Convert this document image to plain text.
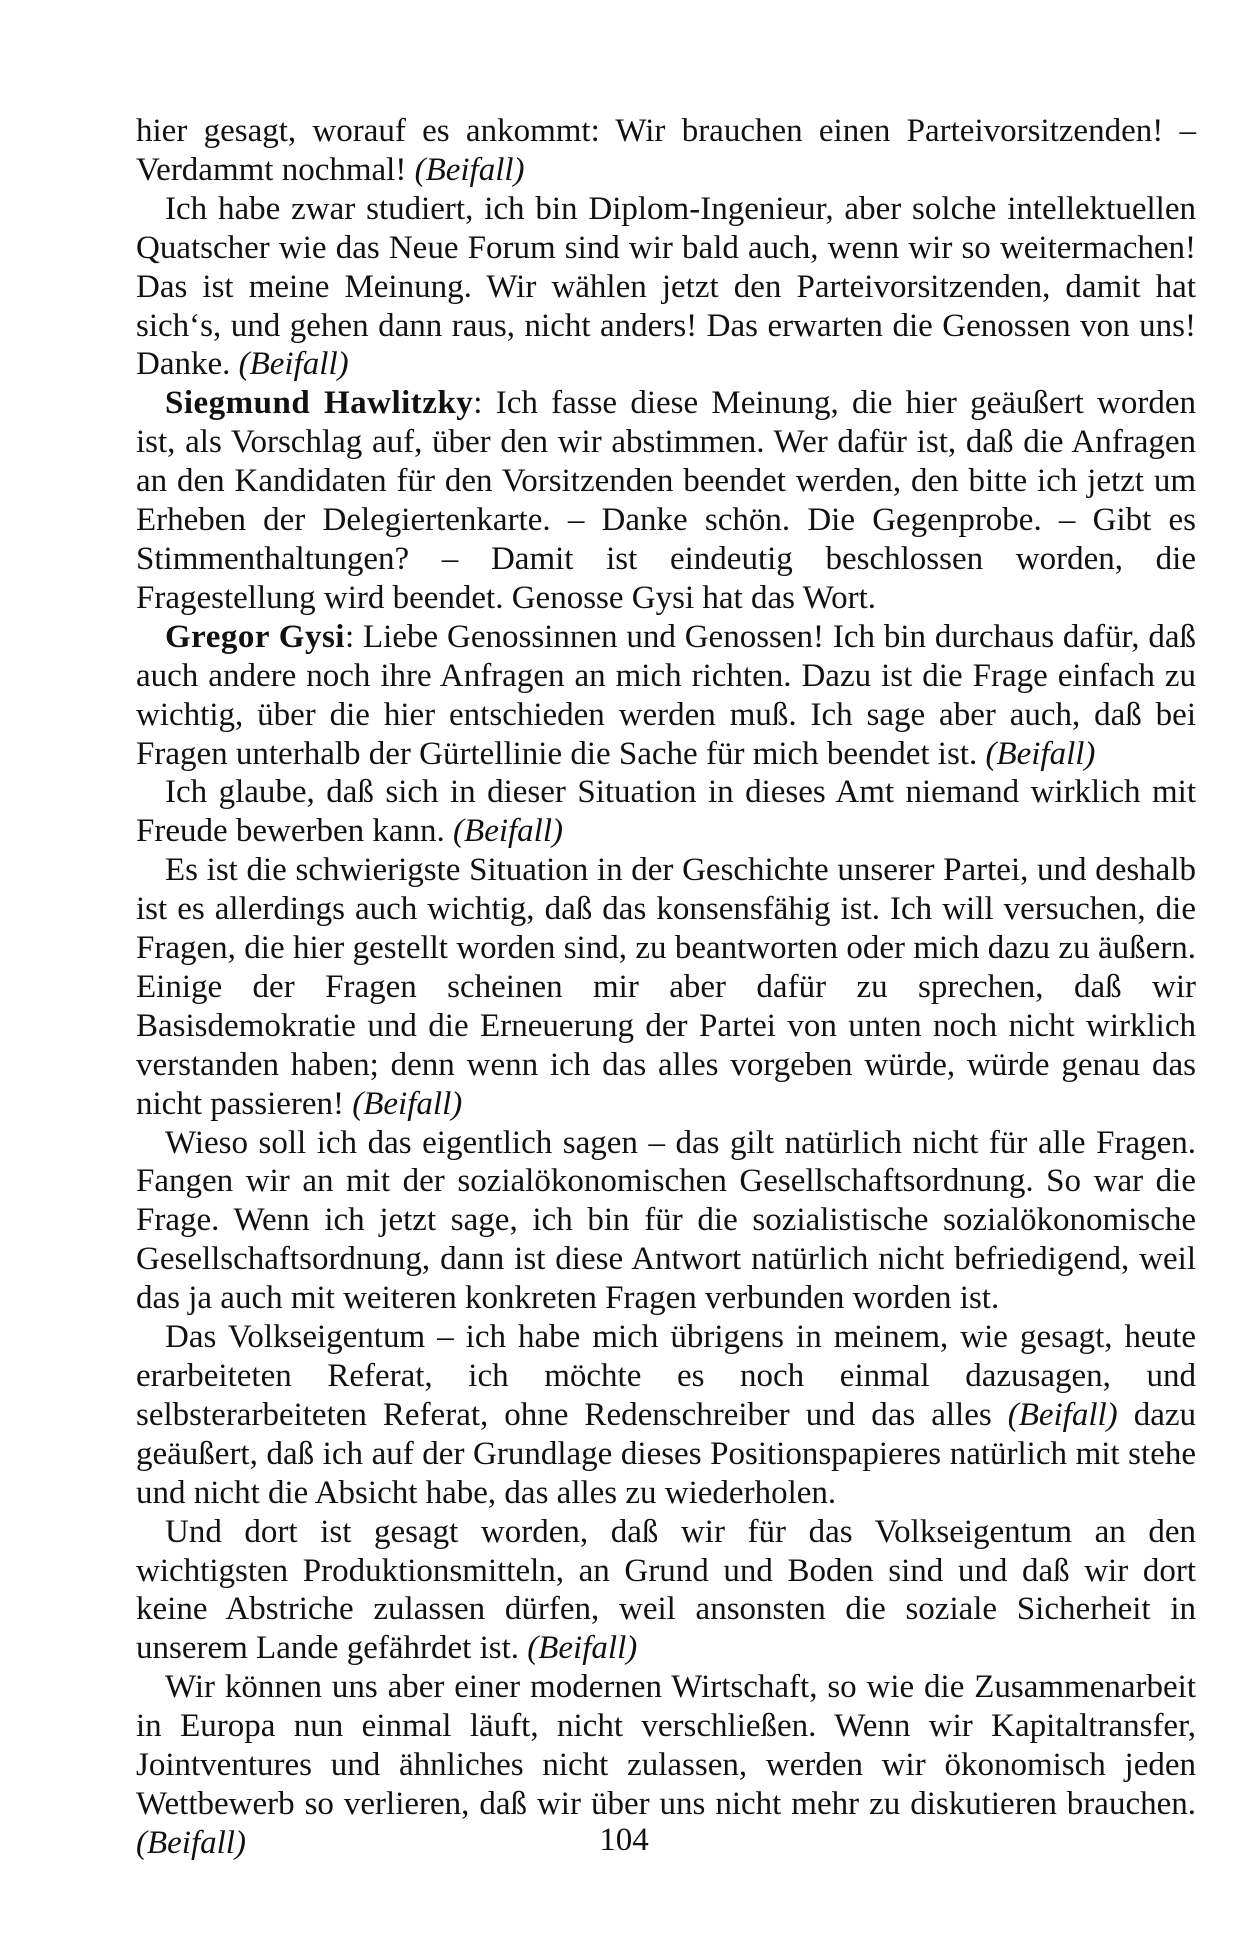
hier gesagt, worauf es ankommt: Wir brauchen einen Parteivorsitzenden! – Verdammt nochmal! (Beifall)

Ich habe zwar studiert, ich bin Diplom-Ingenieur, aber solche intellektuellen Quatscher wie das Neue Forum sind wir bald auch, wenn wir so weitermachen! Das ist meine Meinung. Wir wählen jetzt den Parteivorsitzenden, damit hat sich‘s, und gehen dann raus, nicht anders! Das erwarten die Genossen von uns! Danke. (Beifall)

Siegmund Hawlitzky: Ich fasse diese Meinung, die hier geäußert worden ist, als Vorschlag auf, über den wir abstimmen. Wer dafür ist, daß die Anfragen an den Kandidaten für den Vorsitzenden beendet werden, den bitte ich jetzt um Erheben der Delegiertenkarte. – Danke schön. Die Gegenprobe. – Gibt es Stimmenthaltungen? – Damit ist eindeutig beschlossen worden, die Fragestellung wird beendet. Genosse Gysi hat das Wort.

Gregor Gysi: Liebe Genossinnen und Genossen! Ich bin durchaus dafür, daß auch andere noch ihre Anfragen an mich richten. Dazu ist die Frage einfach zu wichtig, über die hier entschieden werden muß. Ich sage aber auch, daß bei Fragen unterhalb der Gürtellinie die Sache für mich beendet ist. (Beifall)

Ich glaube, daß sich in dieser Situation in dieses Amt niemand wirklich mit Freude bewerben kann. (Beifall)

Es ist die schwierigste Situation in der Geschichte unserer Partei, und deshalb ist es allerdings auch wichtig, daß das konsensfähig ist. Ich will versuchen, die Fragen, die hier gestellt worden sind, zu beantworten oder mich dazu zu äußern. Einige der Fragen scheinen mir aber dafür zu sprechen, daß wir Basisdemokratie und die Erneuerung der Partei von unten noch nicht wirklich verstanden haben; denn wenn ich das alles vorgeben würde, würde genau das nicht passieren! (Beifall)

Wieso soll ich das eigentlich sagen – das gilt natürlich nicht für alle Fragen. Fangen wir an mit der sozialökonomischen Gesellschaftsordnung. So war die Frage. Wenn ich jetzt sage, ich bin für die sozialistische sozialökonomische Gesellschaftsordnung, dann ist diese Antwort natürlich nicht befriedigend, weil das ja auch mit weiteren konkreten Fragen verbunden worden ist.

Das Volkseigentum – ich habe mich übrigens in meinem, wie gesagt, heute erarbeiteten Referat, ich möchte es noch einmal dazusagen, und selbsterarbeiteten Referat, ohne Redenschreiber und das alles (Beifall) dazu geäußert, daß ich auf der Grundlage dieses Positionspapieres natürlich mit stehe und nicht die Absicht habe, das alles zu wiederholen.

Und dort ist gesagt worden, daß wir für das Volkseigentum an den wichtigsten Produktionsmitteln, an Grund und Boden sind und daß wir dort keine Abstriche zulassen dürfen, weil ansonsten die soziale Sicherheit in unserem Lande gefährdet ist. (Beifall)

Wir können uns aber einer modernen Wirtschaft, so wie die Zusammenarbeit in Europa nun einmal läuft, nicht verschließen. Wenn wir Kapitaltransfer, Jointventures und ähnliches nicht zulassen, werden wir ökonomisch jeden Wettbewerb so verlieren, daß wir über uns nicht mehr zu diskutieren brauchen. (Beifall)	104
